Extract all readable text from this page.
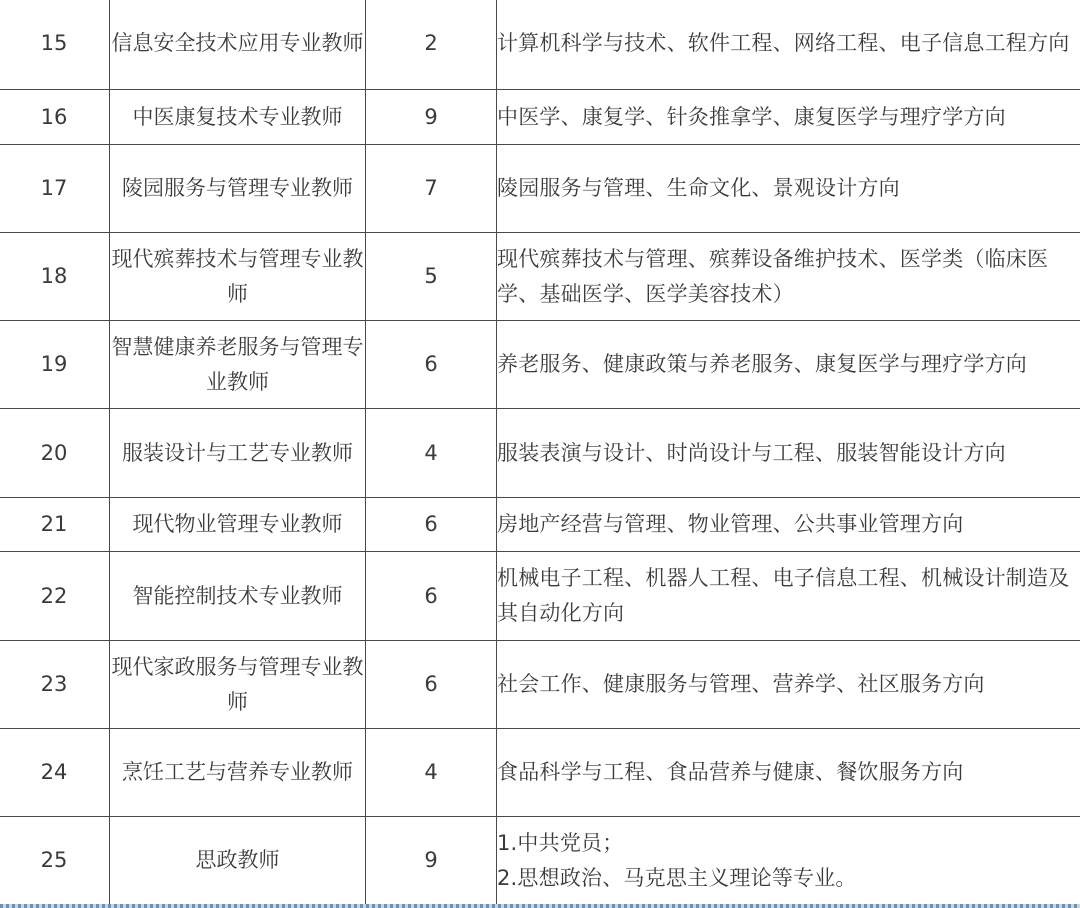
15	信息安全技术应用专业教师	2	计算机科学与技术、软件工程、网络工程、电子信息工程方向
16	中医康复技术专业教师	9	中医学、康复学、针灸推拿学、康复医学与理疗学方向
17	陵园服务与管理专业教师	7	陵园服务与管理、生命文化、景观设计方向
18	现代殡葬技术与管理专业教师	5	现代殡葬技术与管理、殡葬设备维护技术、医学类（临床医学、基础医学、医学美容技术）
19	智慧健康养老服务与管理专业教师	6	养老服务、健康政策与养老服务、康复医学与理疗学方向
20	服装设计与工艺专业教师	4	服装表演与设计、时尚设计与工程、服装智能设计方向
21	现代物业管理专业教师	6	房地产经营与管理、物业管理、公共事业管理方向
22	智能控制技术专业教师	6	机械电子工程、机器人工程、电子信息工程、机械设计制造及其自动化方向
23	现代家政服务与管理专业教师	6	社会工作、健康服务与管理、营养学、社区服务方向
24	烹饪工艺与营养专业教师	4	食品科学与工程、食品营养与健康、餐饮服务方向
25	思政教师	9	1.中共党员；
2.思想政治、马克思主义理论等专业。
